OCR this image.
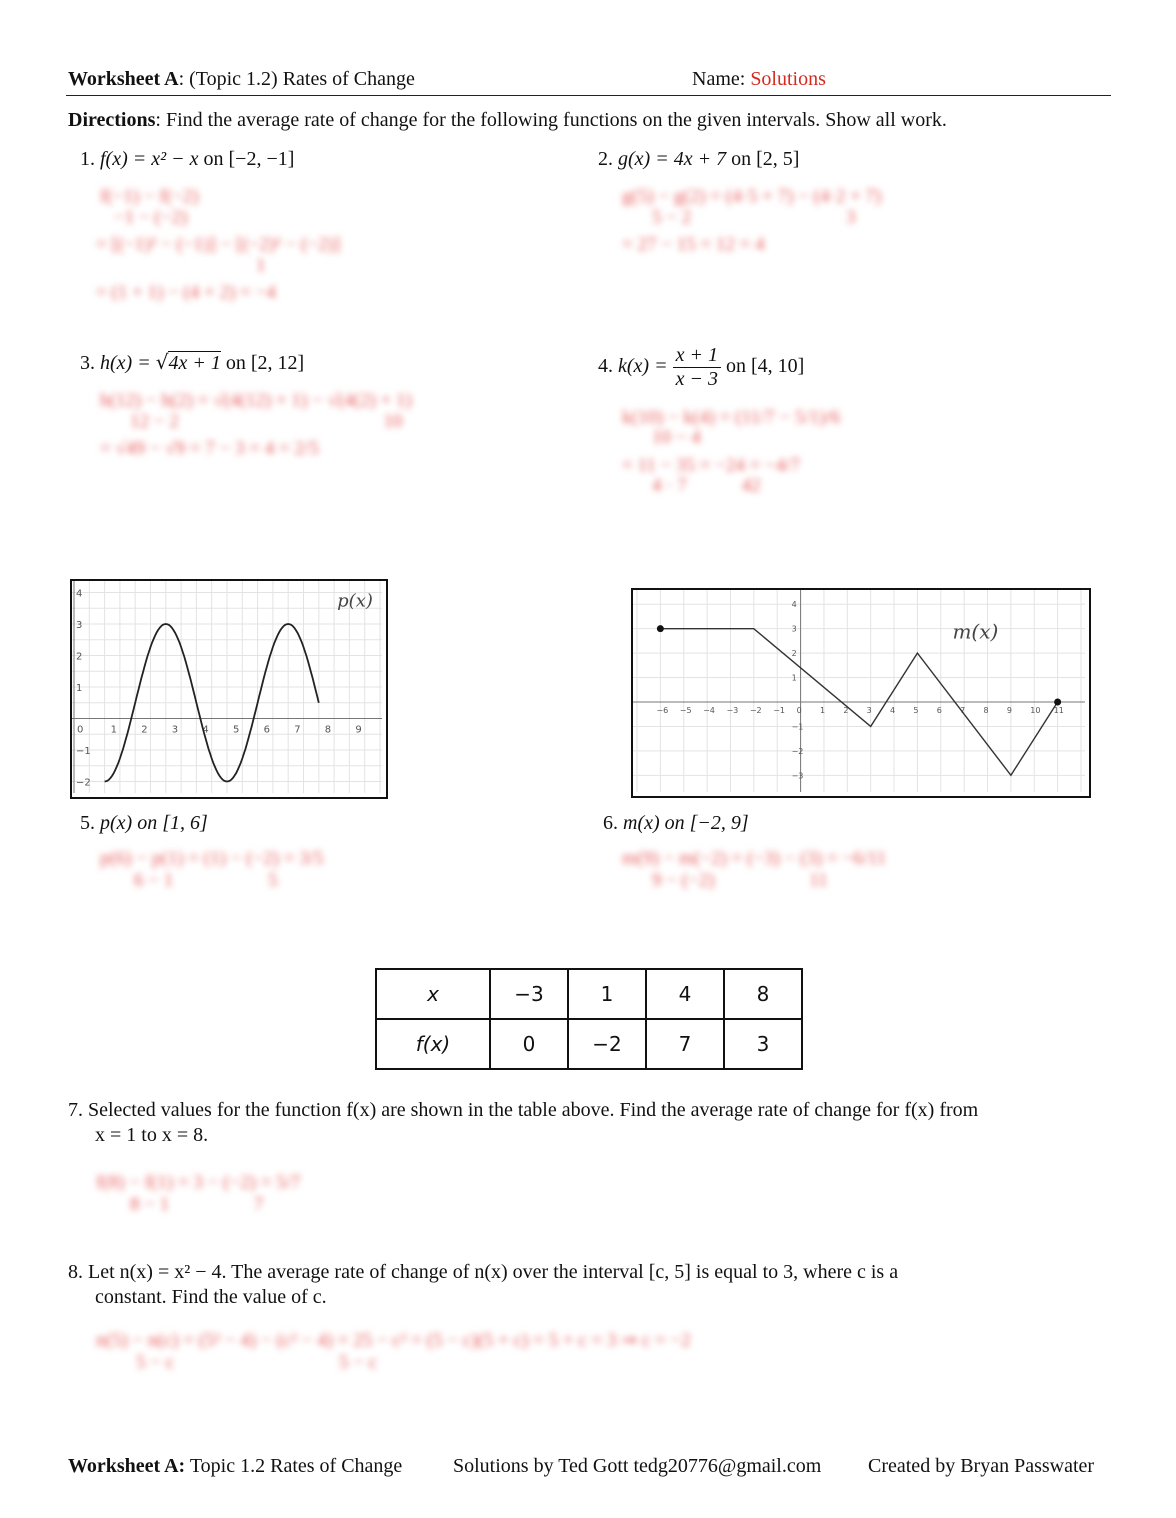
Worksheet A: (Topic 1.2) Rates of Change	Name: Solutions
Directions: Find the average rate of change for the following functions on the given intervals. Show all work.
1. f(x) = x² − x on [−2, −1]
f(−1) − f(−2)
−1 − (−2)
= [(−1)² − (−1)] − [(−2)² − (−2)]
1
= (1 + 1) − (4 + 2) = −4
2. g(x) = 4x + 7 on [2, 5]
g(5) − g(2) = (4·5 + 7) − (4·2 + 7)
5 − 2	3
= 27 − 15 = 12 = 4
3. h(x) = √4x + 1 on [2, 12]
h(12) − h(2) = √(4(12) + 1) − √(4(2) + 1)
12 − 2	10
= √49 − √9 = 7 − 3 = 4 = 2/5
4. $k(x) = \frac{x + 1}{x - 3}$ on [4, 10]
k(10) − k(4) = (11/7 − 5/1)/6
10 − 4
= 11 − 35 = −24 = −4/7
4 · 7	42
0	1 2 3 4 5 6 7 8 9
4
3
2
1
−1
−2
p(x)
−6 −5 −4 −3 −2 −1 0 1 2 3 4 5 6 7 8 9 10 11
4
3
2
1
−1
−2
−3
m(x)
5. p(x) on [1, 6]
p(6) − p(1) = (1) − (−2) = 3/5
6 − 1	5
6. m(x) on [−2, 9]
m(9) − m(−2) = (−3) − (3) = −6/11
9 − (−2)	11
x	−3	1	4	8
f(x)	0	−2	7	3
7. Selected values for the function f(x) are shown in the table above. Find the average rate of change for f(x) from
x = 1 to x = 8.
f(8) − f(1) = 3 − (−2) = 5/7
8 − 1	7
8. Let n(x) = x² − 4. The average rate of change of n(x) over the interval [c, 5] is equal to 3, where c is a
constant. Find the value of c.
n(5) − n(c) = (5² − 4) − (c² − 4) = 25 − c² = (5 − c)(5 + c) = 5 + c = 3 ⇒ c = −2
5 − c	5 − c
Worksheet A: Topic 1.2 Rates of Change	Solutions by Ted Gott tedg20776@gmail.com Created by Bryan Passwater
